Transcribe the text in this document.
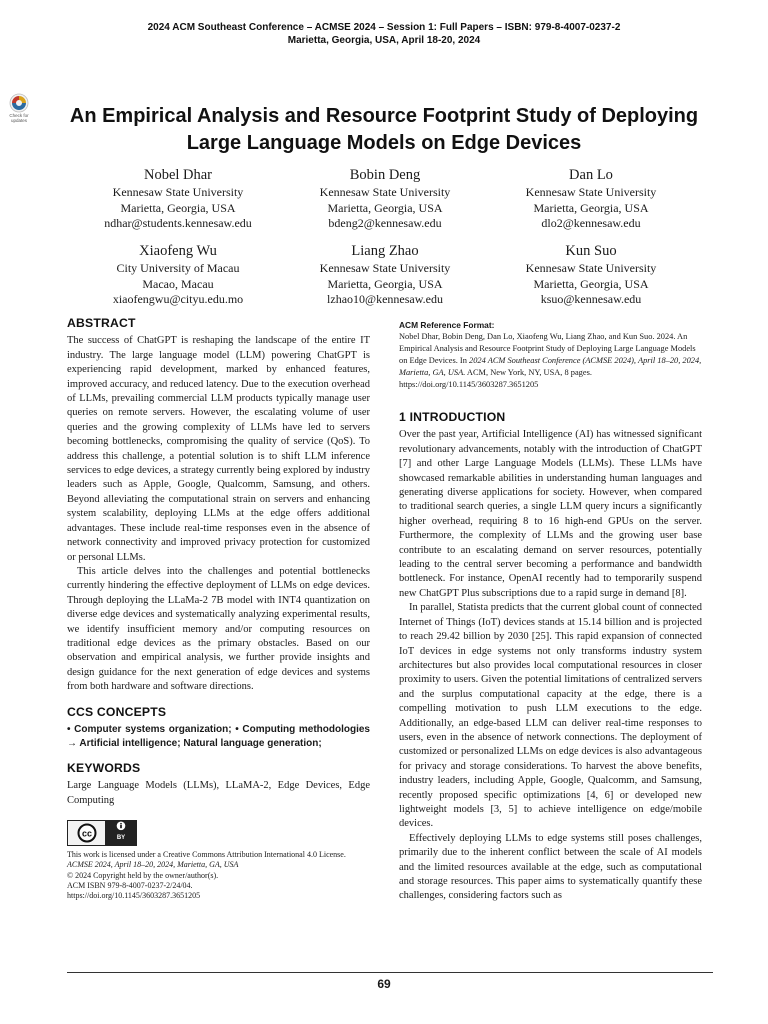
2024 ACM Southeast Conference – ACMSE 2024 – Session 1: Full Papers – ISBN: 979-8-4007-0237-2
Marietta, Georgia, USA, April 18-20, 2024
Check for
updates	An Empirical Analysis and Resource Footprint Study of Deploying
Large Language Models on Edge Devices
Nobel Dhar
Kennesaw State University
Marietta, Georgia, USA
ndhar@students.kennesaw.edu
Bobin Deng
Kennesaw State University
Marietta, Georgia, USA
bdeng2@kennesaw.edu
Dan Lo
Kennesaw State University
Marietta, Georgia, USA
dlo2@kennesaw.edu
Xiaofeng Wu
City University of Macau
Macao, Macau
xiaofengwu@cityu.edu.mo
Liang Zhao
Kennesaw State University
Marietta, Georgia, USA
lzhao10@kennesaw.edu
Kun Suo
Kennesaw State University
Marietta, Georgia, USA
ksuo@kennesaw.edu
ABSTRACT

The success of ChatGPT is reshaping the landscape of the entire IT industry. The large language model (LLM) powering ChatGPT is experiencing rapid development, marked by enhanced features, improved accuracy, and reduced latency. Due to the execution overhead of LLMs, prevailing commercial LLM products typically manage user queries on remote servers. However, the escalating volume of user queries and the growing complexity of LLMs have led to servers becoming bottlenecks, compromising the quality of service (QoS). To address this challenge, a potential solution is to shift LLM inference services to edge devices, a strategy currently being explored by industry leaders such as Apple, Google, Qualcomm, Samsung, and others. Beyond alleviating the computational strain on servers and enhancing system scalability, deploying LLMs at the edge offers additional advantages. These include real-time responses even in the absence of network connectivity and improved privacy protection for customized or personal LLMs.

This article delves into the challenges and potential bottlenecks currently hindering the effective deployment of LLMs on edge devices. Through deploying the LLaMa-2 7B model with INT4 quantization on diverse edge devices and systematically analyzing experimental results, we identify insufficient memory and/or computing resources on traditional edge devices as the primary obstacles. Based on our observation and empirical analysis, we further provide insights and design guidance for the next generation of edge devices and systems from both hardware and software directions.

CCS CONCEPTS
• Computer systems organization; • Computing methodologies → Artificial intelligence; Natural language generation;
KEYWORDS
Large Language Models (LLMs), LLaMA-2, Edge Devices, Edge Computing
cc	BY
This work is licensed under a Creative Commons Attribution International 4.0 License.
ACMSE 2024, April 18–20, 2024, Marietta, GA, USA
© 2024 Copyright held by the owner/author(s).
ACM ISBN 979-8-4007-0237-2/24/04.
https://doi.org/10.1145/3603287.3651205
ACM Reference Format:
Nobel Dhar, Bobin Deng, Dan Lo, Xiaofeng Wu, Liang Zhao, and Kun Suo. 2024. An Empirical Analysis and Resource Footprint Study of Deploying Large Language Models on Edge Devices. In 2024 ACM Southeast Conference (ACMSE 2024), April 18–20, 2024, Marietta, GA, USA. ACM, New York, NY, USA, 8 pages. https://doi.org/10.1145/3603287.3651205
1 INTRODUCTION

Over the past year, Artificial Intelligence (AI) has witnessed significant revolutionary advancements, notably with the introduction of ChatGPT [7] and other Large Language Models (LLMs). These LLMs have showcased remarkable abilities in understanding human languages and generating diverse applications for society. However, when compared to traditional search queries, a single LLM query incurs a significantly higher overhead, requiring 8 to 16 high-end GPUs on the server. Furthermore, the complexity of LLMs and the growing user base contribute to an escalating demand on server resources, potentially leading to the central server becoming a performance and bandwidth bottleneck. For instance, OpenAI recently had to temporarily suspend new ChatGPT Plus subscriptions due to a rapid surge in demand [8].

In parallel, Statista predicts that the current global count of connected Internet of Things (IoT) devices stands at 15.14 billion and is projected to reach 29.42 billion by 2030 [25]. This rapid expansion of connected IoT devices in edge systems not only transforms industry system architectures but also provides local computational resources in closer proximity to users. Given the potential limitations of centralized servers and the surplus computational capacity at the edge, there is a compelling motivation to push LLM executions to the edge. Additionally, an edge-based LLM can deliver real-time responses to users, even in the absence of network connections. The deployment of customized or personalized LLMs on edge devices is also advantageous for privacy and storage considerations. To harvest the above benefits, industry leaders, including Apple, Google, Qualcomm, and Samsung, recently proposed specific optimizations [4, 6] or developed new lightweight models [3, 5] to achieve intelligence on edge/mobile devices.

Effectively deploying LLMs to edge systems still poses challenges, primarily due to the inherent conflict between the scale of AI models and the limited resources available at the edge, such as computational and storage resources. This paper aims to systematically quantify these challenges, considering factors such as

69
